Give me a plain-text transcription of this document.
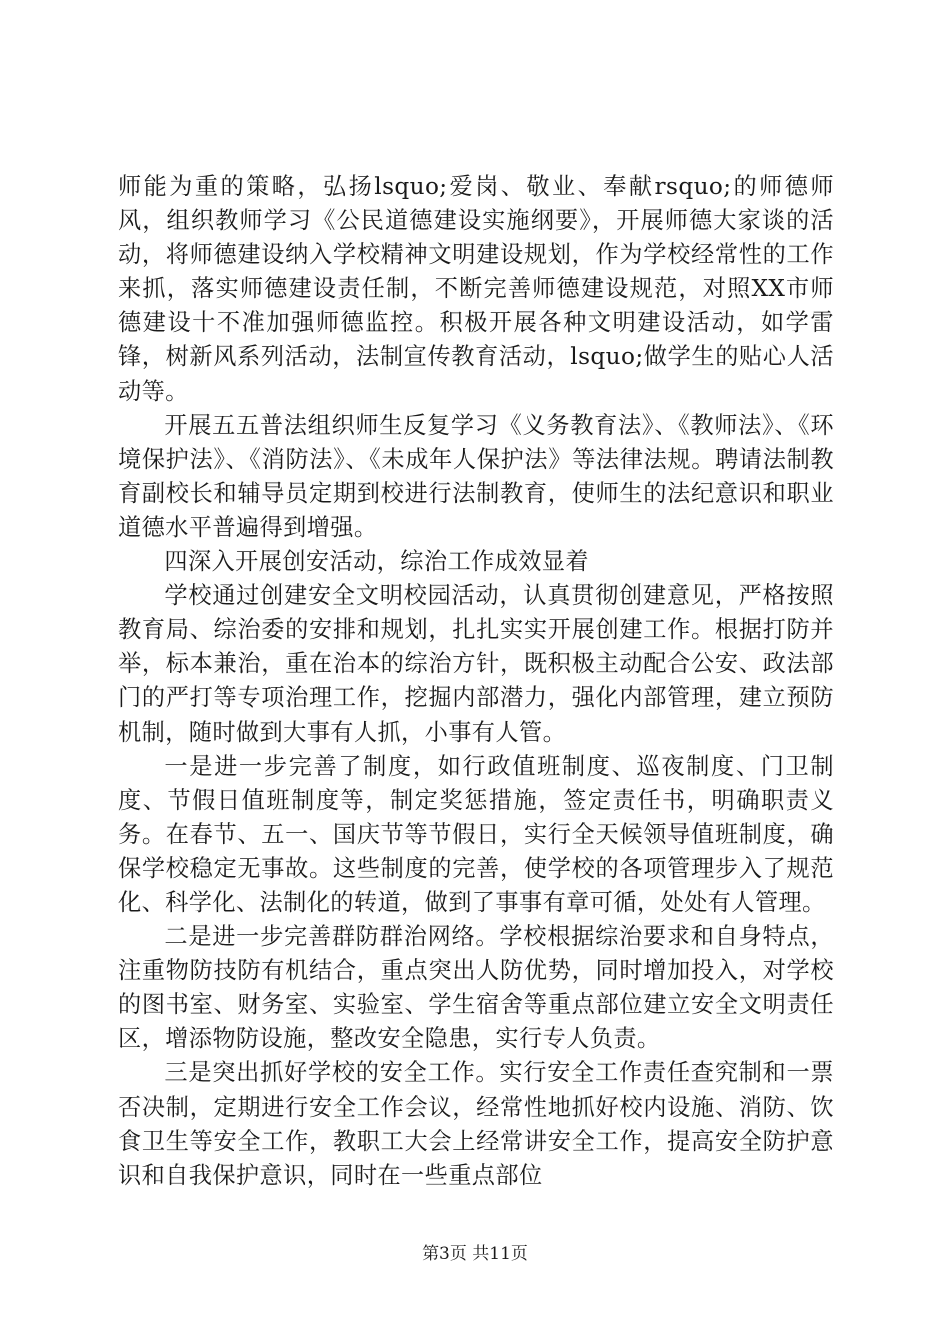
师能为重的策略，弘扬lsquo;爱岗、敬业、奉献rsquo;的师德师风，组织教师学习《公民道德建设实施纲要》，开展师德大家谈的活动，将师德建设纳入学校精神文明建设规划，作为学校经常性的工作来抓，落实师德建设责任制，不断完善师德建设规范，对照XX市师德建设十不准加强师德监控。积极开展各种文明建设活动，如学雷锋，树新风系列活动，法制宣传教育活动，lsquo;做学生的贴心人活动等。

开展五五普法组织师生反复学习《义务教育法》、《教师法》、《环境保护法》、《消防法》、《未成年人保护法》等法律法规。聘请法制教育副校长和辅导员定期到校进行法制教育，使师生的法纪意识和职业道德水平普遍得到增强。

四深入开展创安活动，综治工作成效显着

学校通过创建安全文明校园活动，认真贯彻创建意见，严格按照教育局、综治委的安排和规划，扎扎实实开展创建工作。根据打防并举，标本兼治，重在治本的综治方针，既积极主动配合公安、政法部门的严打等专项治理工作，挖掘内部潜力，强化内部管理，建立预防机制，随时做到大事有人抓，小事有人管。

一是进一步完善了制度，如行政值班制度、巡夜制度、门卫制度、节假日值班制度等，制定奖惩措施，签定责任书，明确职责义务。在春节、五一、国庆节等节假日，实行全天候领导值班制度，确保学校稳定无事故。这些制度的完善，使学校的各项管理步入了规范化、科学化、法制化的转道，做到了事事有章可循，处处有人管理。

二是进一步完善群防群治网络。学校根据综治要求和自身特点，注重物防技防有机结合，重点突出人防优势，同时增加投入，对学校的图书室、财务室、实验室、学生宿舍等重点部位建立安全文明责任区，增添物防设施，整改安全隐患，实行专人负责。

三是突出抓好学校的安全工作。实行安全工作责任查究制和一票否决制，定期进行安全工作会议，经常性地抓好校内设施、消防、饮食卫生等安全工作，教职工大会上经常讲安全工作，提高安全防护意识和自我保护意识，同时在一些重点部位

第3页 共11页
